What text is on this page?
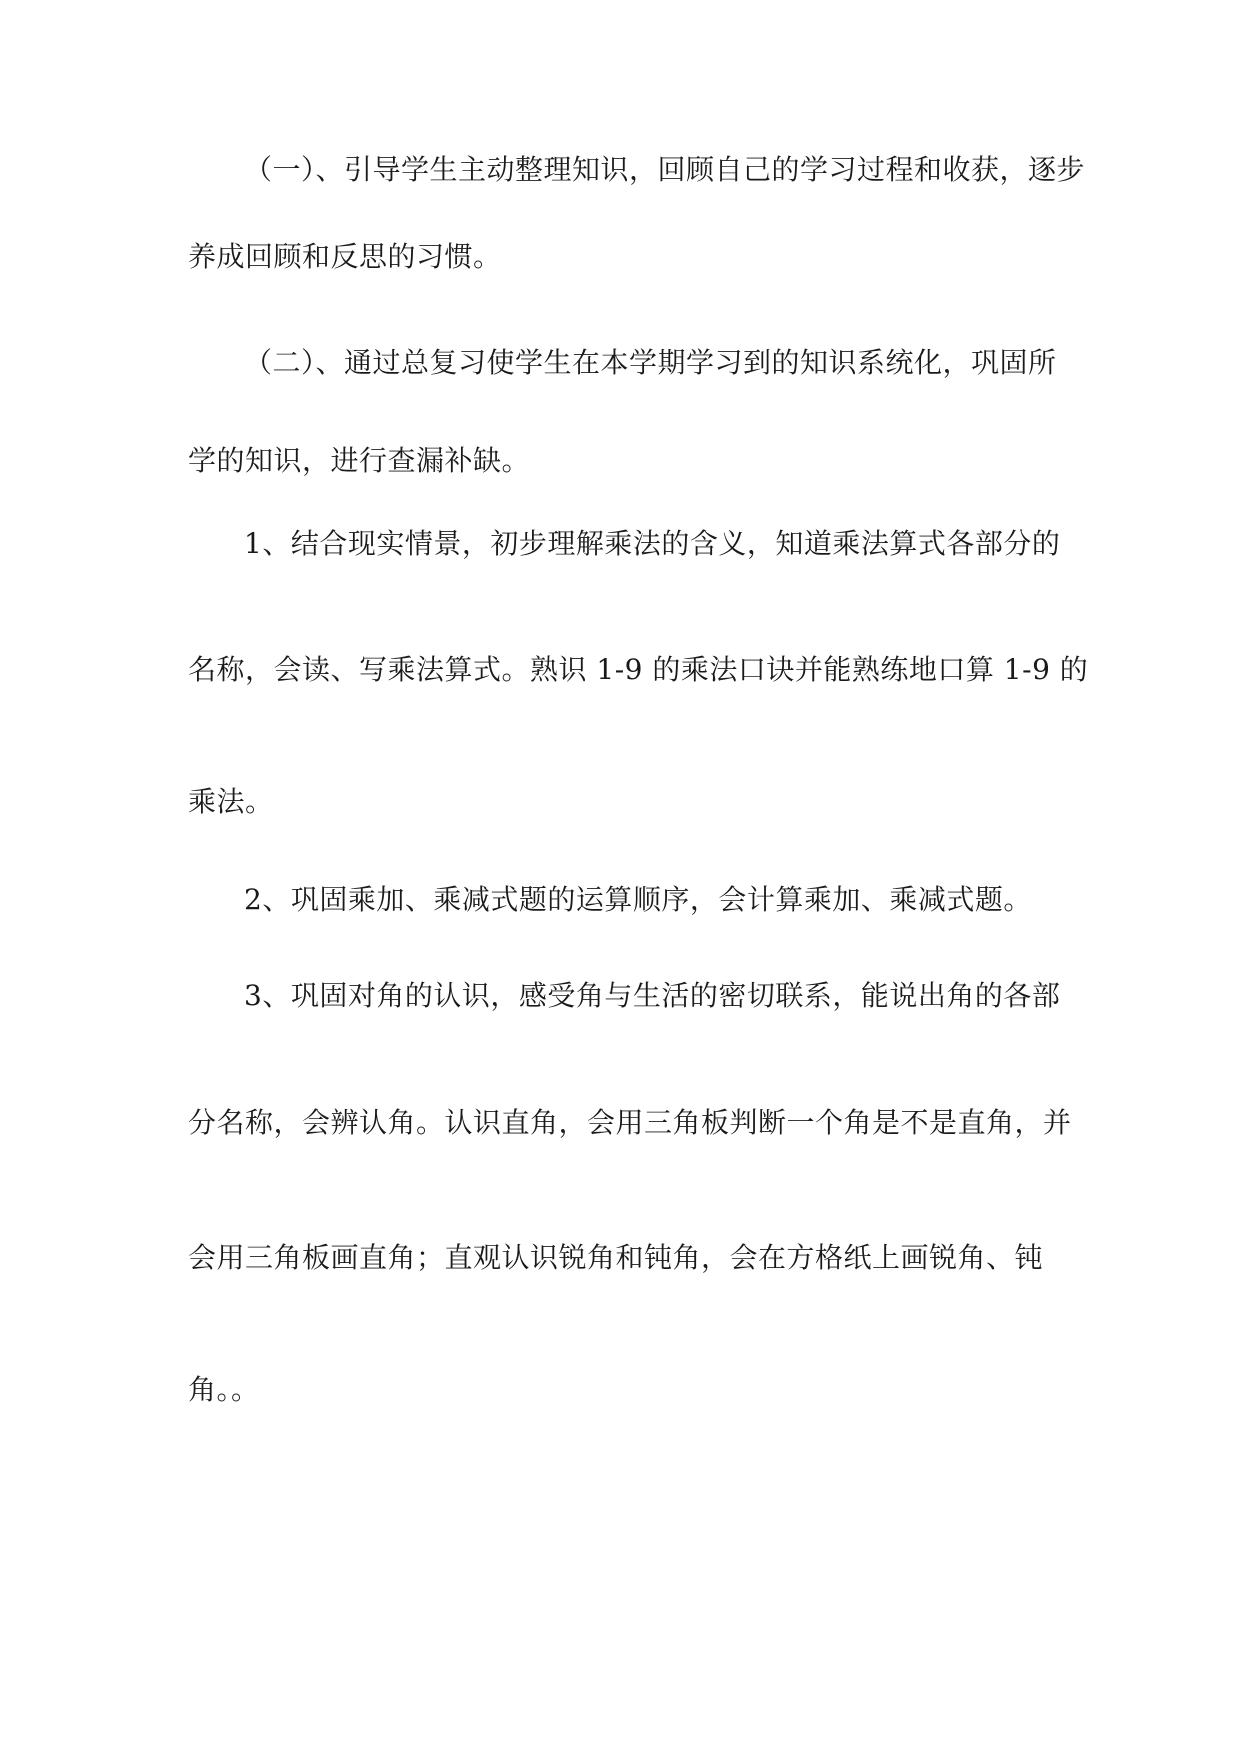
（一）、引导学生主动整理知识，回顾自己的学习过程和收获，逐步

养成回顾和反思的习惯。

（二）、通过总复习使学生在本学期学习到的知识系统化，巩固所

学的知识，进行查漏补缺。

1、结合现实情景，初步理解乘法的含义，知道乘法算式各部分的

名称，会读、写乘法算式。熟识 1-9 的乘法口诀并能熟练地口算 1-9 的

乘法。

2、巩固乘加、乘减式题的运算顺序，会计算乘加、乘减式题。

3、巩固对角的认识，感受角与生活的密切联系，能说出角的各部

分名称，会辨认角。认识直角，会用三角板判断一个角是不是直角，并

会用三角板画直角；直观认识锐角和钝角，会在方格纸上画锐角、钝

角。。
